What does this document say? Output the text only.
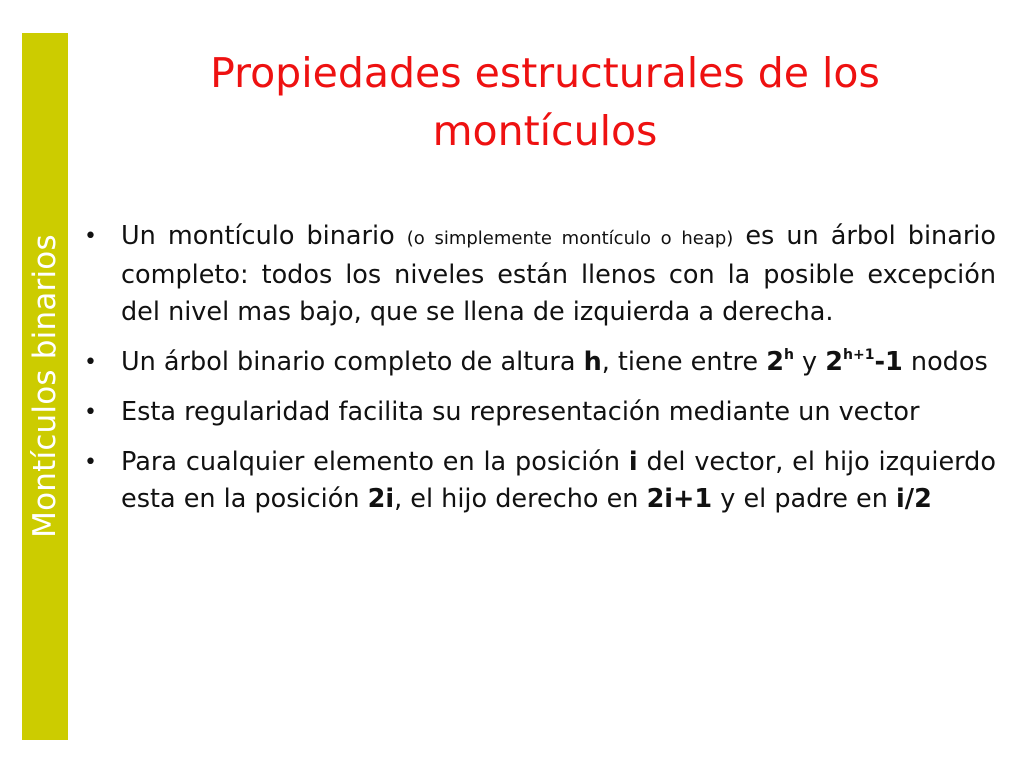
Montículos binarios
Propiedades estructurales de los
montículos
• Un montículo binario (o simplemente montículo o heap) es un árbol binario completo: todos los niveles están llenos con la posible excepción del nivel mas bajo, que se llena de izquierda a derecha.
• Un árbol binario completo de altura h, tiene entre 2$^h$ y $2^{h+1}-1$ nodos
• Esta regularidad facilita su representación mediante un vector
• Para cualquier elemento en la posición i del vector, el hijo izquierdo esta en la posición 2i, el hijo derecho en 2i+1 y el padre en i/2
